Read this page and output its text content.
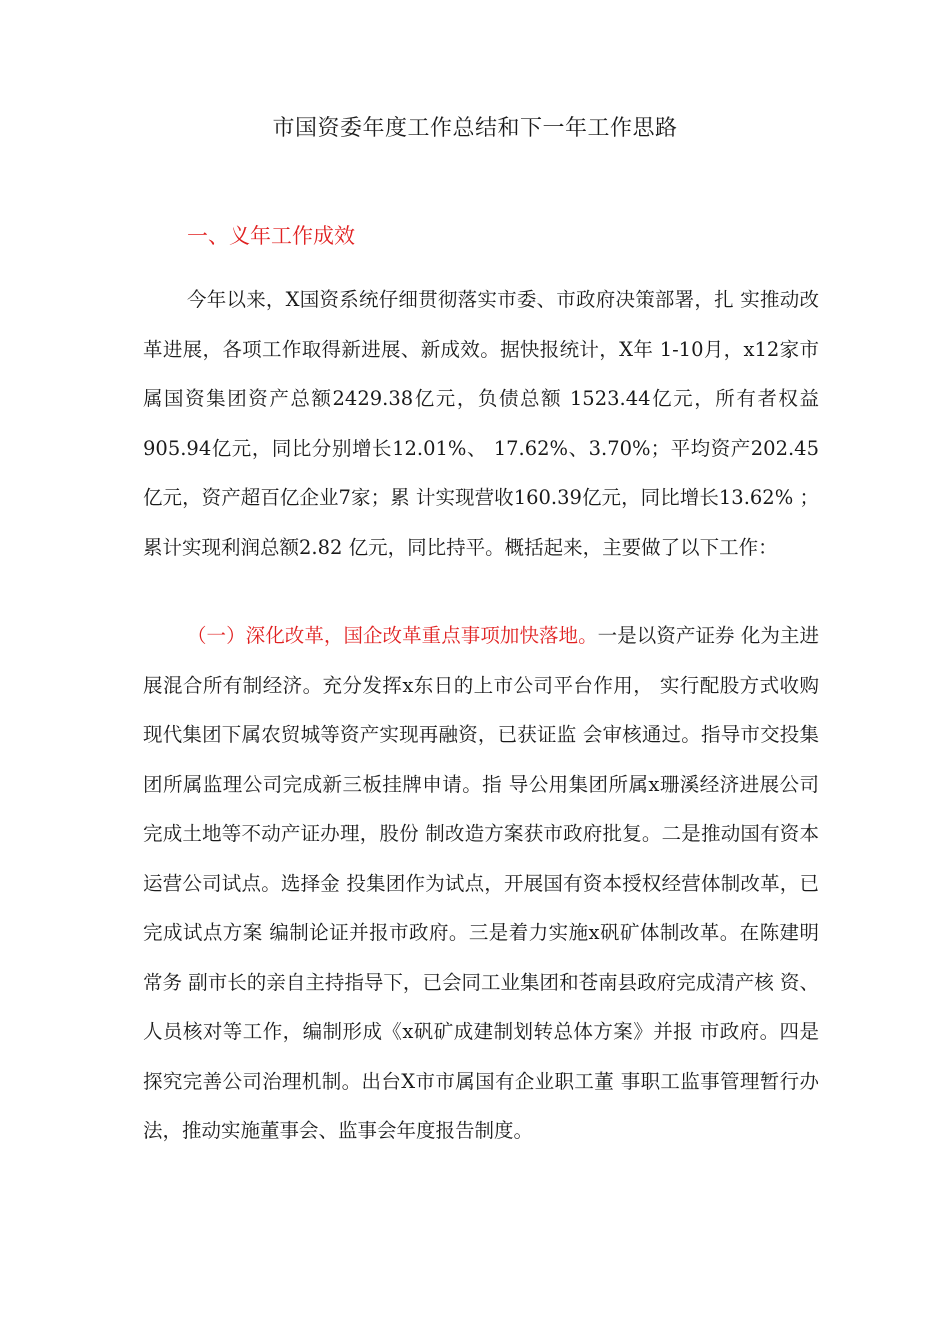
市国资委年度工作总结和下一年工作思路
一、义年工作成效

今年以来，X国资系统仔细贯彻落实市委、市政府决策部署，扎 实推动改革进展，各项工作取得新进展、新成效。据快报统计，X年 1-10月，x12家市属国资集团资产总额2429.38亿元，负债总额 1523.44亿元，所有者权益905.94亿元，同比分别增长12.01%、 17.62%、3.70%；平均资产202.45亿元，资产超百亿企业7家；累 计实现营收160.39亿元，同比增长13.62% ；累计实现利润总额2.82 亿元，同比持平。概括起来，主要做了以下工作：

（一）深化改革，国企改革重点事项加快落地。一是以资产证券 化为主进展混合所有制经济。充分发挥x东日的上市公司平台作用， 实行配股方式收购现代集团下属农贸城等资产实现再融资，已获证监 会审核通过。指导市交投集团所属监理公司完成新三板挂牌申请。指 导公用集团所属x珊溪经济进展公司完成土地等不动产证办理，股份 制改造方案获市政府批复。二是推动国有资本运营公司试点。选择金 投集团作为试点，开展国有资本授权经营体制改革，已完成试点方案 编制论证并报市政府。三是着力实施x矾矿体制改革。在陈建明常务 副市长的亲自主持指导下，已会同工业集团和苍南县政府完成清产核 资、人员核对等工作，编制形成《x矾矿成建制划转总体方案》并报 市政府。四是探究完善公司治理机制。出台X市市属国有企业职工董 事职工监事管理暂行办法，推动实施董事会、监事会年度报告制度。
